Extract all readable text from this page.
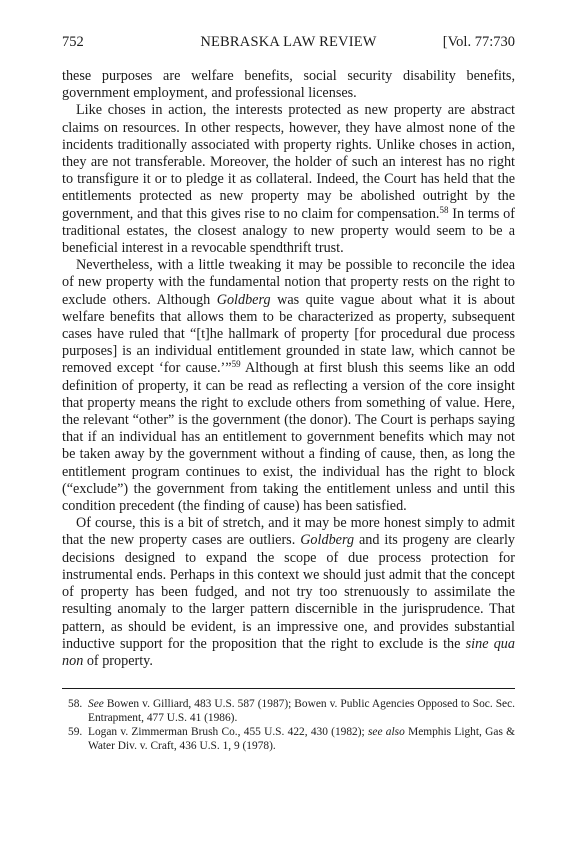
752	NEBRASKA LAW REVIEW	[Vol. 77:730

these purposes are welfare benefits, social security disability benefits, government employment, and professional licenses.

Like choses in action, the interests protected as new property are abstract claims on resources. In other respects, however, they have almost none of the incidents traditionally associated with property rights. Unlike choses in action, they are not transferable. Moreover, the holder of such an interest has no right to transfigure it or to pledge it as collateral. Indeed, the Court has held that the entitlements protected as new property may be abolished outright by the government, and that this gives rise to no claim for compensation.$^{58}$ In terms of traditional estates, the closest analogy to new property would seem to be a beneficial interest in a revocable spendthrift trust.

Nevertheless, with a little tweaking it may be possible to reconcile the idea of new property with the fundamental notion that property rests on the right to exclude others. Although Goldberg was quite vague about what it is about welfare benefits that allows them to be characterized as property, subsequent cases have ruled that “[t]he hallmark of property [for procedural due process purposes] is an individual entitlement grounded in state law, which cannot be removed except ‘for cause.’”$^{59}$ Although at first blush this seems like an odd definition of property, it can be read as reflecting a version of the core insight that property means the right to exclude others from something of value. Here, the relevant “other” is the government (the donor). The Court is perhaps saying that if an individual has an entitlement to government benefits which may not be taken away by the government without a finding of cause, then, as long the entitlement program continues to exist, the individual has the right to block (“exclude”) the government from taking the entitlement unless and until this condition precedent (the finding of cause) has been satisfied.

Of course, this is a bit of stretch, and it may be more honest simply to admit that the new property cases are outliers. Goldberg and its progeny are clearly decisions designed to expand the scope of due process protection for instrumental ends. Perhaps in this context we should just admit that the concept of property has been fudged, and not try too strenuously to assimilate the resulting anomaly to the larger pattern discernible in the jurisprudence. That pattern, as should be evident, is an impressive one, and provides substantial inductive support for the proposition that the right to exclude is the sine qua non of property.

58. See Bowen v. Gilliard, 483 U.S. 587 (1987); Bowen v. Public Agencies Opposed to Soc. Sec. Entrapment, 477 U.S. 41 (1986).

59. Logan v. Zimmerman Brush Co., 455 U.S. 422, 430 (1982); see also Memphis Light, Gas & Water Div. v. Craft, 436 U.S. 1, 9 (1978).
